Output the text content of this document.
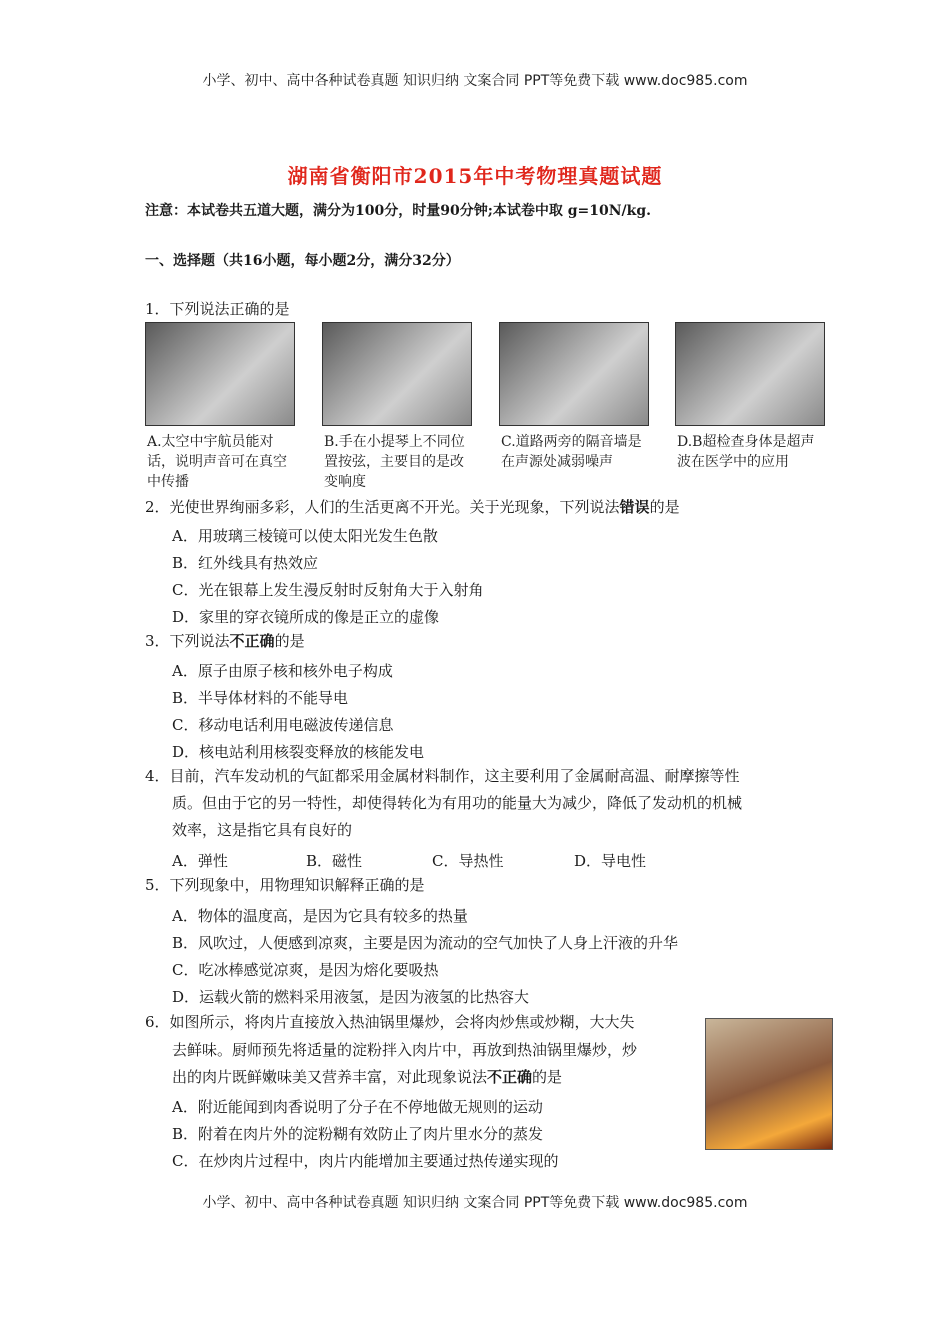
小学、初中、高中各种试卷真题 知识归纳 文案合同 PPT等免费下载 www.doc985.com
湖南省衡阳市2015年中考物理真题试题
注意：本试卷共五道大题，满分为100分，时量90分钟;本试卷中取 g=10N/kg.
一、选择题（共16小题，每小题2分，满分32分）
1．下列说法正确的是
A.太空中宇航员能对话，说明声音可在真空中传播
B.手在小提琴上不同位置按弦，主要目的是改变响度
C.道路两旁的隔音墙是在声源处减弱噪声
D.B超检查身体是超声波在医学中的应用
2．光使世界绚丽多彩，人们的生活更离不开光。关于光现象，下列说法错误的是
A．用玻璃三棱镜可以使太阳光发生色散
B．红外线具有热效应
C．光在银幕上发生漫反射时反射角大于入射角
D．家里的穿衣镜所成的像是正立的虚像
3．下列说法不正确的是
A．原子由原子核和核外电子构成
B．半导体材料的不能导电
C．移动电话利用电磁波传递信息
D．核电站利用核裂变释放的核能发电
4．目前，汽车发动机的气缸都采用金属材料制作，这主要利用了金属耐高温、耐摩擦等性
质。但由于它的另一特性，却使得转化为有用功的能量大为减少，降低了发动机的机械
效率，这是指它具有良好的
A．弹性	B．磁性	C．导热性	D．导电性
5．下列现象中，用物理知识解释正确的是
A．物体的温度高，是因为它具有较多的热量
B．风吹过，人便感到凉爽，主要是因为流动的空气加快了人身上汗液的升华
C．吃冰棒感觉凉爽，是因为熔化要吸热
D．运载火箭的燃料采用液氢，是因为液氢的比热容大
6．如图所示，将肉片直接放入热油锅里爆炒，会将肉炒焦或炒糊，大大失
去鲜味。厨师预先将适量的淀粉拌入肉片中，再放到热油锅里爆炒，炒
出的肉片既鲜嫩味美又营养丰富，对此现象说法不正确的是
A．附近能闻到肉香说明了分子在不停地做无规则的运动
B．附着在肉片外的淀粉糊有效防止了肉片里水分的蒸发
C．在炒肉片过程中，肉片内能增加主要通过热传递实现的
小学、初中、高中各种试卷真题 知识归纳 文案合同 PPT等免费下载 www.doc985.com
